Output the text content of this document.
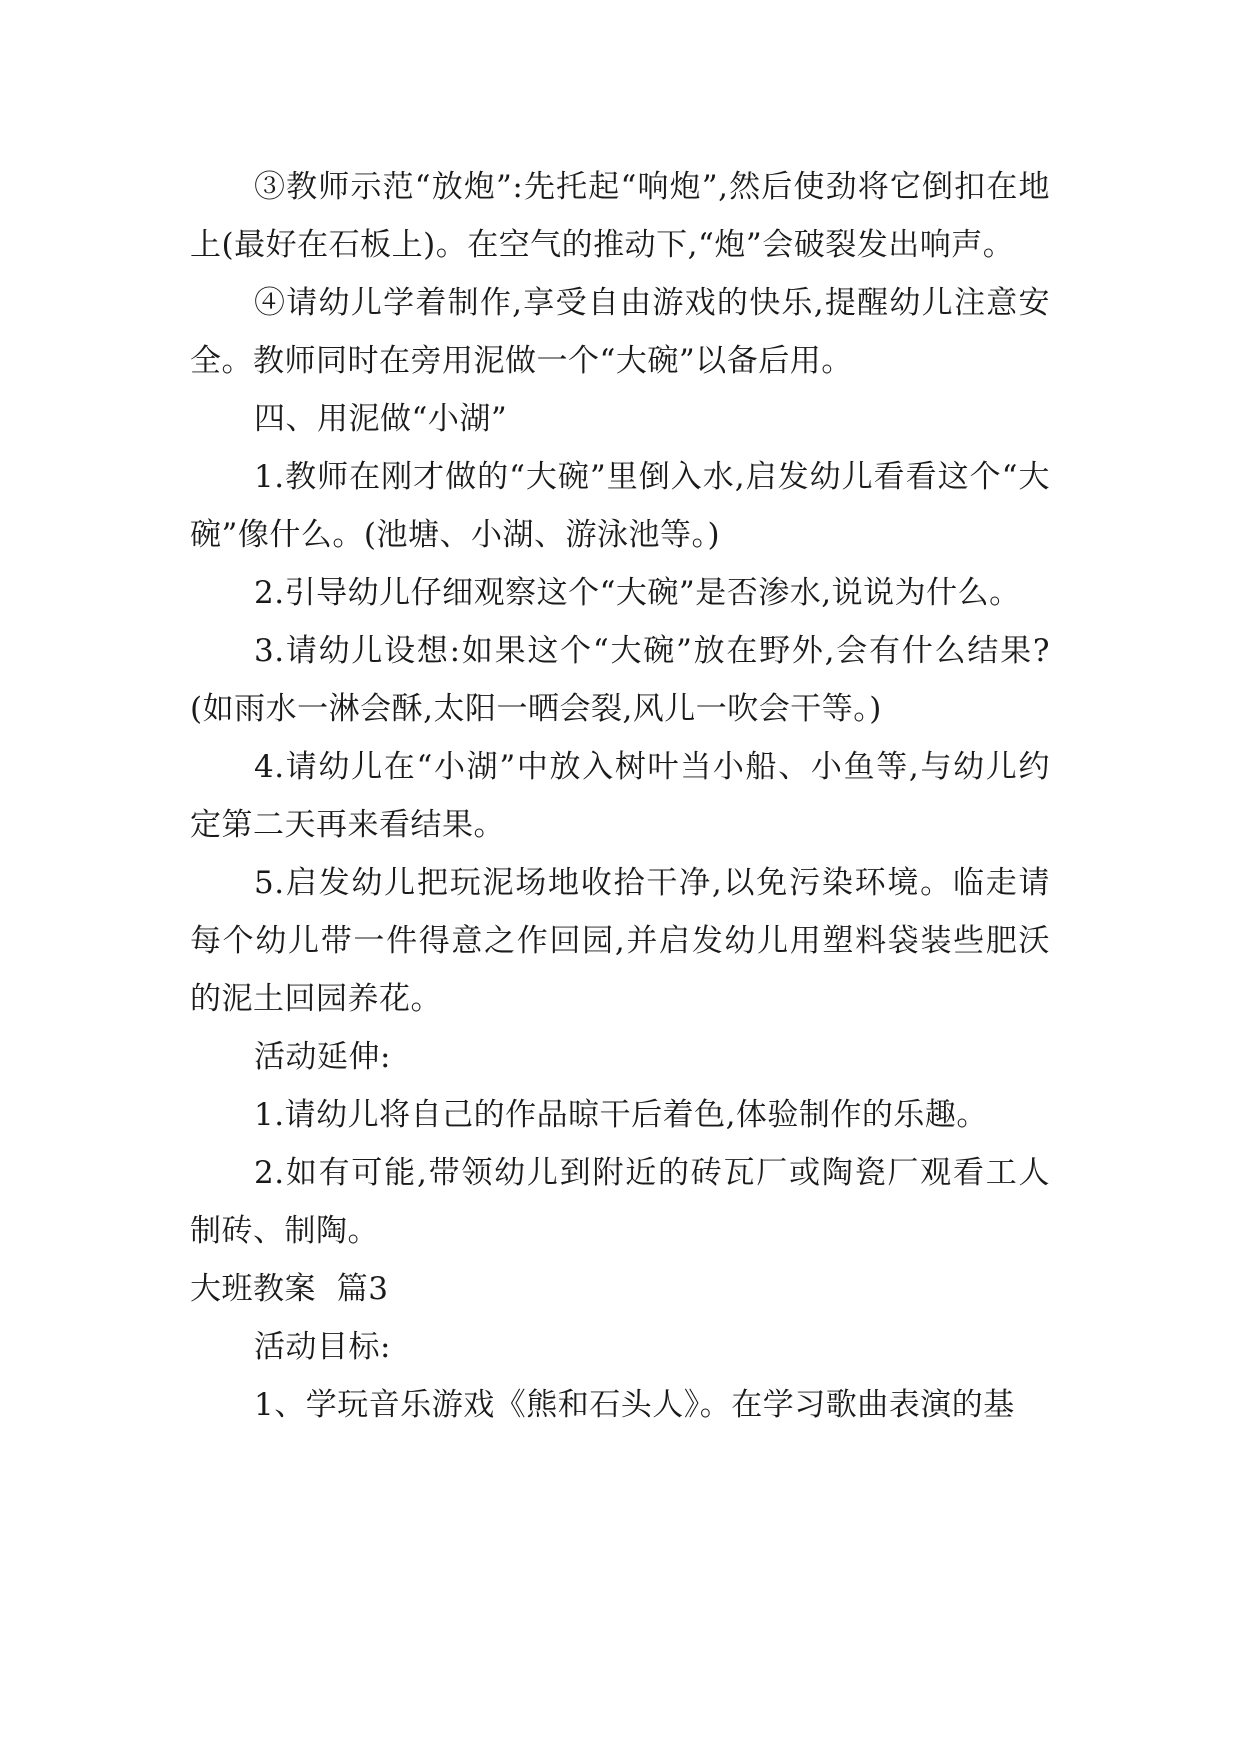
③教师示范“放炮”:先托起“响炮”,然后使劲将它倒扣在地上(最好在石板上)。在空气的推动下,“炮”会破裂发出响声。

④请幼儿学着制作,享受自由游戏的快乐,提醒幼儿注意安全。教师同时在旁用泥做一个“大碗”以备后用。

四、用泥做“小湖”

1.教师在刚才做的“大碗”里倒入水,启发幼儿看看这个“大碗”像什么。(池塘、小湖、游泳池等。)

2.引导幼儿仔细观察这个“大碗”是否渗水,说说为什么。

3.请幼儿设想:如果这个“大碗”放在野外,会有什么结果?(如雨水一淋会酥,太阳一晒会裂,风儿一吹会干等。)

4.请幼儿在“小湖”中放入树叶当小船、小鱼等,与幼儿约定第二天再来看结果。

5.启发幼儿把玩泥场地收拾干净,以免污染环境。临走请每个幼儿带一件得意之作回园,并启发幼儿用塑料袋装些肥沃的泥土回园养花。

活动延伸:

1.请幼儿将自己的作品晾干后着色,体验制作的乐趣。

2.如有可能,带领幼儿到附近的砖瓦厂或陶瓷厂观看工人制砖、制陶。

大班教案  篇3

活动目标:

1、学玩音乐游戏《熊和石头人》。在学习歌曲表演的基
